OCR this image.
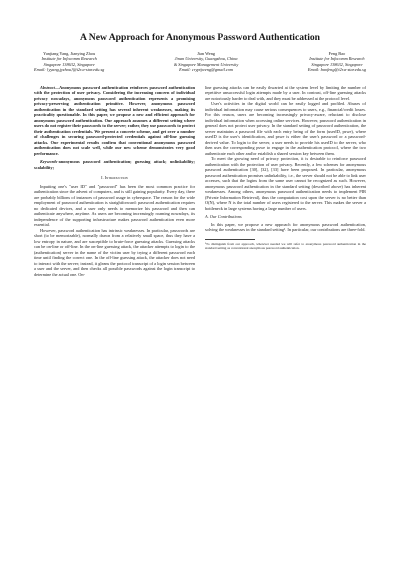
A New Approach for Anonymous Password Authentication
Yanjiang Yang, Jianying Zhou
Institute for Infocomm Research
Singapore 138632, Singapore
Email: {yyang,jyzhou}@i2r.a-star.edu.sg
Jian Weng
Jinan University, Guangzhou, China
& Singapore Management University
Email: cryptjweng@gmail.com
Feng Bao
Institute for Infocomm Research
Singapore 138632, Singapore
Email: baofeng@i2r.a-star.edu.sg

Abstract—Anonymous password authentication reinforces password authentication with the protection of user privacy. Considering the increasing concern of individual privacy nowadays, anonymous password authentication represents a promising privacy-preserving authentication primitive. However, anonymous password authentication in the standard setting has several inherent weaknesses, making its practicality questionable. In this paper, we propose a new and efficient approach for anonymous password authentication. Our approach assumes a different setting where users do not register their passwords to the server; rather, they use passwords to protect their authentication credentials. We present a concrete scheme, and get over a number of challenges in securing password-protected credentials against off-line guessing attacks. Our experimental results confirm that conventional anonymous password authentication does not scale well, while our new scheme demonstrates very good performance.

Keywords-anonymous password authentication; guessing attack; unlinkability; scalability;

I. Introduction

Inputting one's "user ID" and "password" has been the most common practice for authentication since the advent of computers, and is still gaining popularity. Every day, there are probably billions of instances of password usage in cyberspace. The reason for the wide employment of password authentication is straightforward: password authentication requires no dedicated devices, and a user only needs to memorize his password and then can authenticate anywhere, anytime. As users are becoming increasingly roaming nowadays, its independence of the supporting infrastructure makes password authentication even more essential.

However, password authentication has intrinsic weaknesses. In particular, passwords are short (to be memorizable), normally drawn from a relatively small space, thus they have a low entropy in nature, and are susceptible to brute-force guessing attacks. Guessing attacks can be on-line or off-line. In the on-line guessing attack, the attacker attempts to login to the (authentication) server in the name of the victim user by trying a different password each time until finding the correct one. In the off-line guessing attack, the attacker does not need to interact with the server; instead, it gleans the protocol transcript of a login session between a user and the server, and then checks all possible passwords against the login transcript to determine the actual one. On-

line guessing attacks can be easily thwarted at the system level by limiting the number of repetitive unsuccessful login attempts made by a user. In contrast, off-line guessing attacks are notoriously harder to deal with, and they must be addressed at the protocol level.

User's activities in the digital world can be easily logged and profiled. Abuses of individual information may cause serious consequences to users, e.g., financial/credit losses. For this reason, users are becoming increasingly privacy-aware, reluctant to disclose individual information when accessing online services. However, password authentication in general does not protect user privacy. In the standard setting of password authentication, the server maintains a password file with each entry being of the form (userID, pswe), where userID is the user's identification, and pswe is either the user's password or a password-derived value. To login to the server, a user needs to provide his userID to the server, who then uses the corresponding pswe to engage in the authentication protocol, where the two authenticate each other and/or establish a shared session key between them.

To meet the growing need of privacy protection, it is desirable to reinforce password authentication with the protection of user privacy. Recently, a few schemes for anonymous password authentication [30], [32], [33] have been proposed. In particular, anonymous password authentication promises unlinkability, i.e., the server should not be able to link user accesses, such that the logins from the same user cannot be recognized as such. However, anonymous password authentication in the standard setting (described above) has inherent weaknesses. Among others, anonymous password authentication needs to implement PIR (Private Information Retrieval), thus the computation cost upon the server is no better than O(N), where N is the total number of users registered to the server. This makes the server a bottleneck in large systems having a large number of users.

A. Our Contributions

In this paper, we propose a new approach for anonymous password authentication, solving the weaknesses in the standard setting¹. In particular, our contributions are three-fold.

¹To distinguish from our approach, wherever needed we will refer to anonymous password authentication in the standard setting as conventional anonymous password authentication.
